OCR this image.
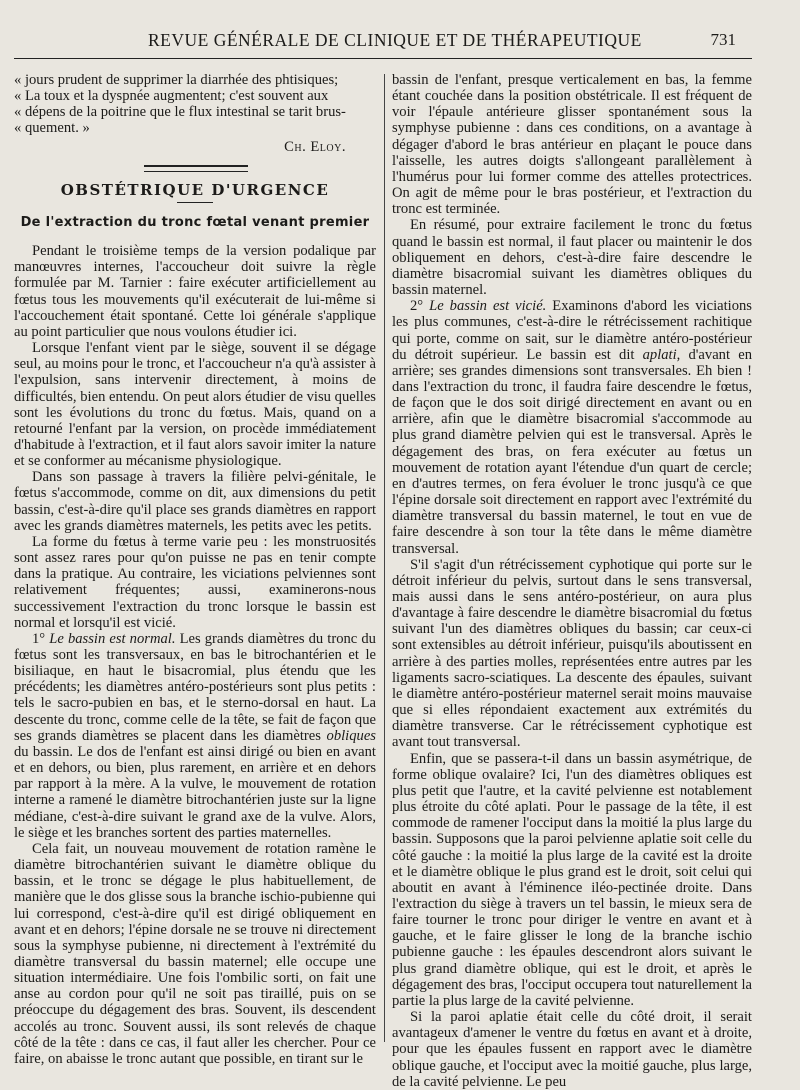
REVUE GÉNÉRALE DE CLINIQUE ET DE THÉRAPEUTIQUE	731
« jours prudent de supprimer la diarrhée des phtisiques;
« La toux et la dyspnée augmentent; c'est souvent aux
« dépens de la poitrine que le flux intestinal se tarit brus-
« quement. »
Ch. Eloy.
OBSTÉTRIQUE D'URGENCE
De l'extraction du tronc fœtal venant premier

Pendant le troisième temps de la version podalique par manœuvres internes, l'accoucheur doit suivre la règle formulée par M. Tarnier : faire exécuter artificiellement au fœtus tous les mouvements qu'il exécuterait de lui-même si l'accouchement était spontané. Cette loi générale s'applique au point particulier que nous voulons étudier ici.

Lorsque l'enfant vient par le siège, souvent il se dégage seul, au moins pour le tronc, et l'accoucheur n'a qu'à assister à l'expulsion, sans intervenir directement, à moins de difficultés, bien entendu. On peut alors étudier de visu quelles sont les évolutions du tronc du fœtus. Mais, quand on a retourné l'enfant par la version, on procède immédiatement d'habitude à l'extraction, et il faut alors savoir imiter la nature et se conformer au mécanisme physiologique.

Dans son passage à travers la filière pelvi-génitale, le fœtus s'accommode, comme on dit, aux dimensions du petit bassin, c'est-à-dire qu'il place ses grands diamètres en rapport avec les grands diamètres maternels, les petits avec les petits.

La forme du fœtus à terme varie peu : les monstruosités sont assez rares pour qu'on puisse ne pas en tenir compte dans la pratique. Au contraire, les viciations pelviennes sont relativement fréquentes; aussi, examinerons-nous successivement l'extraction du tronc lorsque le bassin est normal et lorsqu'il est vicié.

1° Le bassin est normal. Les grands diamètres du tronc du fœtus sont les transversaux, en bas le bitrochantérien et le bisiliaque, en haut le bisacromial, plus étendu que les précédents; les diamètres antéro-postérieurs sont plus petits : tels le sacro-pubien en bas, et le sterno-dorsal en haut. La descente du tronc, comme celle de la tête, se fait de façon que ses grands diamètres se placent dans les diamètres obliques du bassin. Le dos de l'enfant est ainsi dirigé ou bien en avant et en dehors, ou bien, plus rarement, en arrière et en dehors par rapport à la mère. A la vulve, le mouvement de rotation interne a ramené le diamètre bitrochantérien juste sur la ligne médiane, c'est-à-dire suivant le grand axe de la vulve. Alors, le siège et les branches sortent des parties maternelles.

Cela fait, un nouveau mouvement de rotation ramène le diamètre bitrochantérien suivant le diamètre oblique du bassin, et le tronc se dégage le plus habituellement, de manière que le dos glisse sous la branche ischio-pubienne qui lui correspond, c'est-à-dire qu'il est dirigé obliquement en avant et en dehors; l'épine dorsale ne se trouve ni directement sous la symphyse pubienne, ni directement à l'extrémité du diamètre transversal du bassin maternel; elle occupe une situation intermédiaire. Une fois l'ombilic sorti, on fait une anse au cordon pour qu'il ne soit pas tiraillé, puis on se préoccupe du dégagement des bras. Souvent, ils descendent accolés au tronc. Souvent aussi, ils sont relevés de chaque côté de la tête : dans ce cas, il faut aller les chercher. Pour ce faire, on abaisse le tronc autant que possible, en tirant sur le

bassin de l'enfant, presque verticalement en bas, la femme étant couchée dans la position obstétricale. Il est fréquent de voir l'épaule antérieure glisser spontanément sous la symphyse pubienne : dans ces conditions, on a avantage à dégager d'abord le bras antérieur en plaçant le pouce dans l'aisselle, les autres doigts s'allongeant parallèlement à l'humérus pour lui former comme des attelles protectrices. On agit de même pour le bras postérieur, et l'extraction du tronc est terminée.

En résumé, pour extraire facilement le tronc du fœtus quand le bassin est normal, il faut placer ou maintenir le dos obliquement en dehors, c'est-à-dire faire descendre le diamètre bisacromial suivant les diamètres obliques du bassin maternel.

2° Le bassin est vicié. Examinons d'abord les viciations les plus communes, c'est-à-dire le rétrécissement rachitique qui porte, comme on sait, sur le diamètre antéro-postérieur du détroit supérieur. Le bassin est dit aplati, d'avant en arrière; ses grandes dimensions sont transversales. Eh bien ! dans l'extraction du tronc, il faudra faire descendre le fœtus, de façon que le dos soit dirigé directement en avant ou en arrière, afin que le diamètre bisacromial s'accommode au plus grand diamètre pelvien qui est le transversal. Après le dégagement des bras, on fera exécuter au fœtus un mouvement de rotation ayant l'étendue d'un quart de cercle; en d'autres termes, on fera évoluer le tronc jusqu'à ce que l'épine dorsale soit directement en rapport avec l'extrémité du diamètre transversal du bassin maternel, le tout en vue de faire descendre à son tour la tête dans le même diamètre transversal.

S'il s'agit d'un rétrécissement cyphotique qui porte sur le détroit inférieur du pelvis, surtout dans le sens transversal, mais aussi dans le sens antéro-postérieur, on aura plus d'avantage à faire descendre le diamètre bisacromial du fœtus suivant l'un des diamètres obliques du bassin; car ceux-ci sont extensibles au détroit inférieur, puisqu'ils aboutissent en arrière à des parties molles, représentées entre autres par les ligaments sacro-sciatiques. La descente des épaules, suivant le diamètre antéro-postérieur maternel serait moins mauvaise que si elles répondaient exactement aux extrémités du diamètre transverse. Car le rétrécissement cyphotique est avant tout transversal.

Enfin, que se passera-t-il dans un bassin asymétrique, de forme oblique ovalaire? Ici, l'un des diamètres obliques est plus petit que l'autre, et la cavité pelvienne est notablement plus étroite du côté aplati. Pour le passage de la tête, il est commode de ramener l'occiput dans la moitié la plus large du bassin. Supposons que la paroi pelvienne aplatie soit celle du côté gauche : la moitié la plus large de la cavité est la droite et le diamètre oblique le plus grand est le droit, soit celui qui aboutit en avant à l'éminence iléo-pectinée droite. Dans l'extraction du siège à travers un tel bassin, le mieux sera de faire tourner le tronc pour diriger le ventre en avant et à gauche, et le faire glisser le long de la branche ischio pubienne gauche : les épaules descendront alors suivant le plus grand diamètre oblique, qui est le droit, et après le dégagement des bras, l'occiput occupera tout naturellement la partie la plus large de la cavité pelvienne.

Si la paroi aplatie était celle du côté droit, il serait avantageux d'amener le ventre du fœtus en avant et à droite, pour que les épaules fussent en rapport avec le diamètre oblique gauche, et l'occiput avec la moitié gauche, plus large, de la cavité pelvienne. Le peu
